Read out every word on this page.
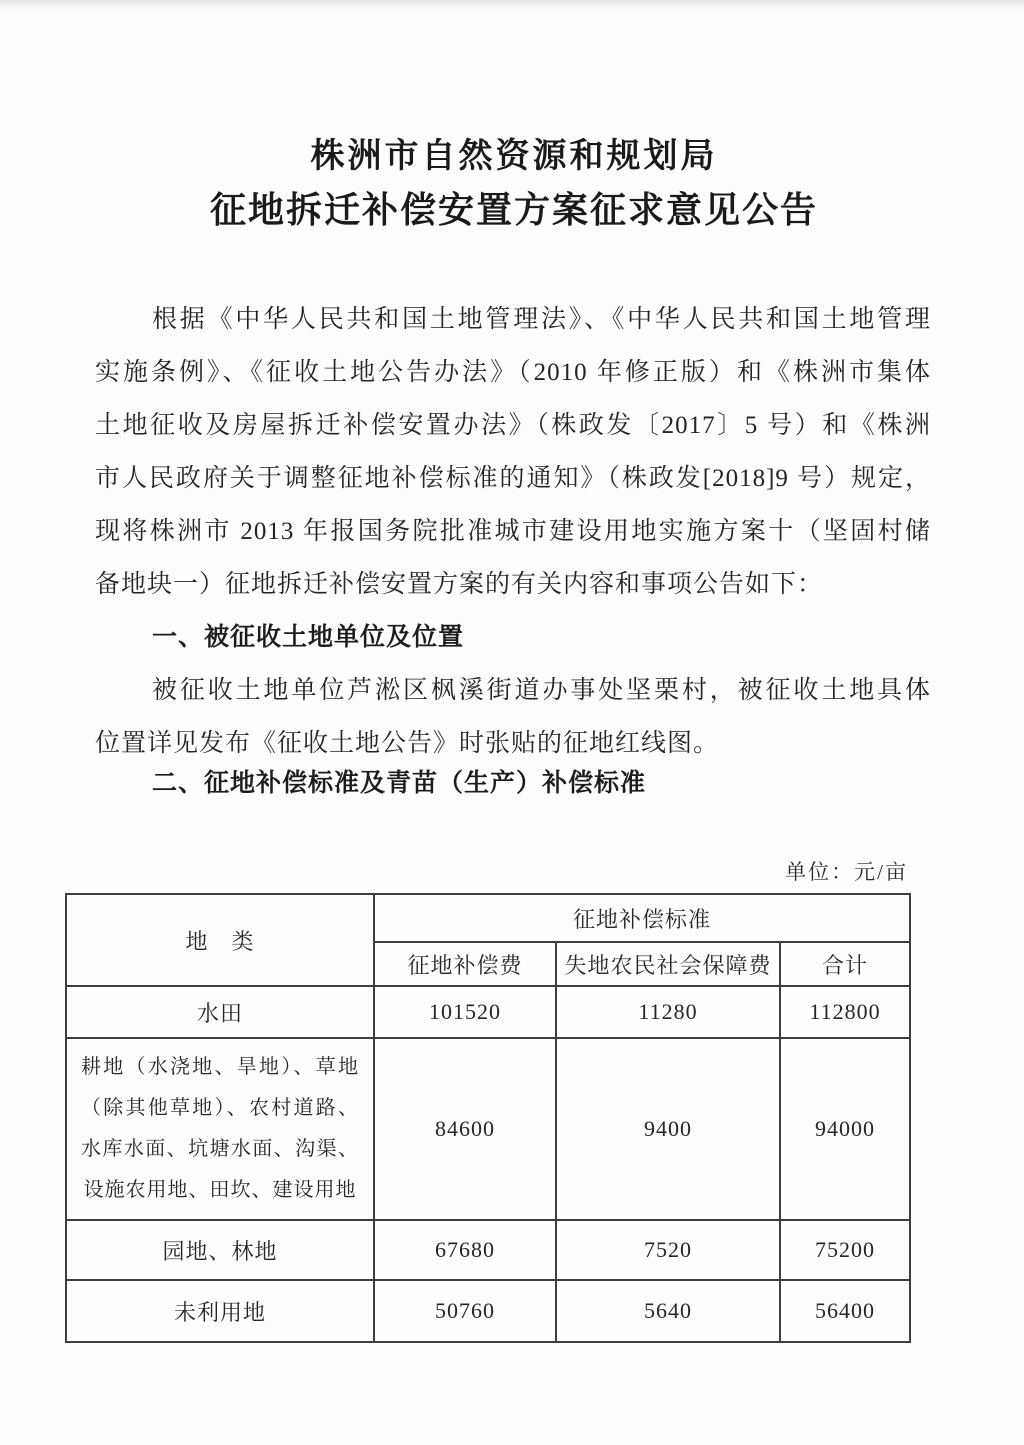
株洲市自然资源和规划局
征地拆迁补偿安置方案征求意见公告
根据《中华人民共和国土地管理法》、《中华人民共和国土地管理
实施条例》、《征收土地公告办法》（2010 年修正版）和《株洲市集体
土地征收及房屋拆迁补偿安置办法》（株政发〔2017〕5 号）和《株洲
市人民政府关于调整征地补偿标准的通知》（株政发[2018]9 号）规定，
现将株洲市 2013 年报国务院批准城市建设用地实施方案十（坚固村储
备地块一）征地拆迁补偿安置方案的有关内容和事项公告如下：
一、被征收土地单位及位置
被征收土地单位芦淞区枫溪街道办事处坚栗村，被征收土地具体
位置详见发布《征收土地公告》时张贴的征地红线图。
二、征地补偿标准及青苗（生产）补偿标准
单位：元/亩
地　类	征地补偿标准		
	征地补偿费	失地农民社会保障费	合计
水田	101520	11280	112800
耕地（水浇地、旱地）、草地（除其他草地）、农村道路、水库水面、坑塘水面、沟渠、设施农用地、田坎、建设用地	84600	9400	94000
园地、林地	67680	7520	75200
未利用地	50760	5640	56400
